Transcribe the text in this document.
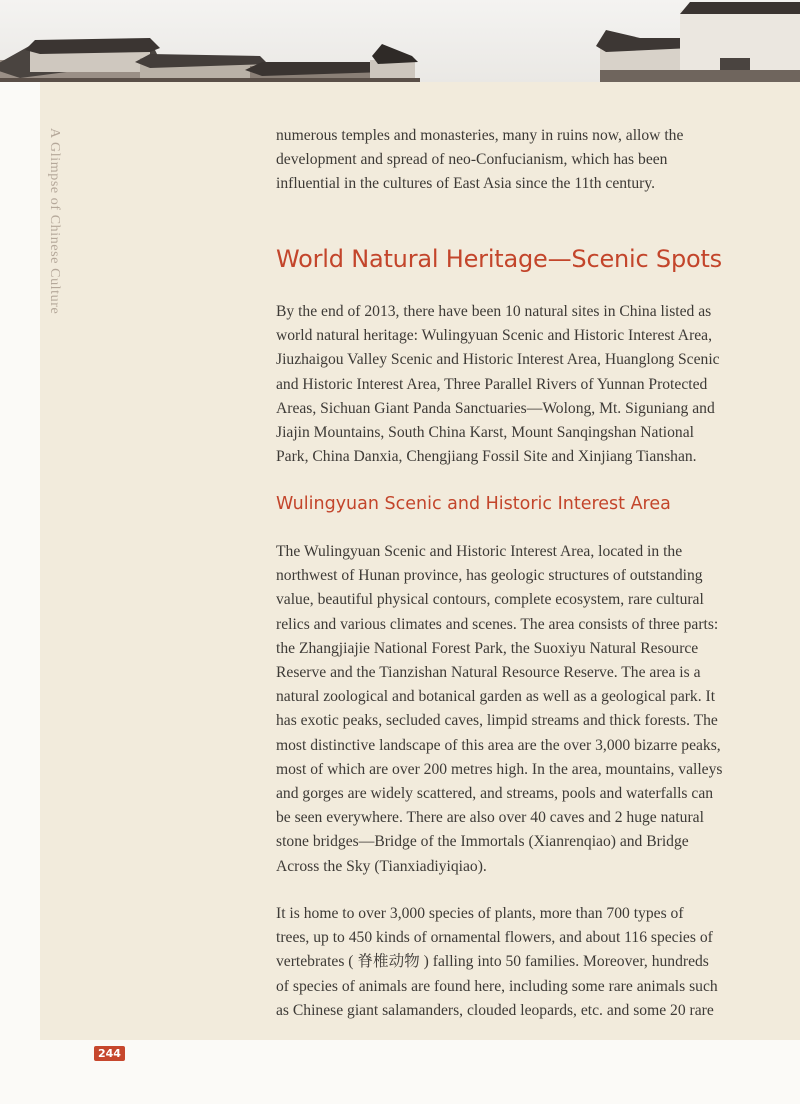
A Glimpse of Chinese Culture	numerous temples and monasteries, many in ruins now, allow the
development and spread of neo-Confucianism, which has been
influential in the cultures of East Asia since the 11th century.

World Natural Heritage—Scenic Spots

By the end of 2013, there have been 10 natural sites in China listed as
world natural heritage: Wulingyuan Scenic and Historic Interest Area,
Jiuzhaigou Valley Scenic and Historic Interest Area, Huanglong Scenic
and Historic Interest Area, Three Parallel Rivers of Yunnan Protected
Areas, Sichuan Giant Panda Sanctuaries—Wolong, Mt. Siguniang and
Jiajin Mountains, South China Karst, Mount Sanqingshan National
Park, China Danxia, Chengjiang Fossil Site and Xinjiang Tianshan.

Wulingyuan Scenic and Historic Interest Area

The Wulingyuan Scenic and Historic Interest Area, located in the
northwest of Hunan province, has geologic structures of outstanding
value, beautiful physical contours, complete ecosystem, rare cultural
relics and various climates and scenes. The area consists of three parts:
the Zhangjiajie National Forest Park, the Suoxiyu Natural Resource
Reserve and the Tianzishan Natural Resource Reserve. The area is a
natural zoological and botanical garden as well as a geological park. It
has exotic peaks, secluded caves, limpid streams and thick forests. The
most distinctive landscape of this area are the over 3,000 bizarre peaks,
most of which are over 200 metres high. In the area, mountains, valleys
and gorges are widely scattered, and streams, pools and waterfalls can
be seen everywhere. There are also over 40 caves and 2 huge natural
stone bridges—Bridge of the Immortals (Xianrenqiao) and Bridge
Across the Sky (Tianxiadiyiqiao).

It is home to over 3,000 species of plants, more than 700 types of
trees, up to 450 kinds of ornamental flowers, and about 116 species of
vertebrates ( 脊椎动物 ) falling into 50 families. Moreover, hundreds
of species of animals are found here, including some rare animals such
as Chinese giant salamanders, clouded leopards, etc. and some 20 rare

244
